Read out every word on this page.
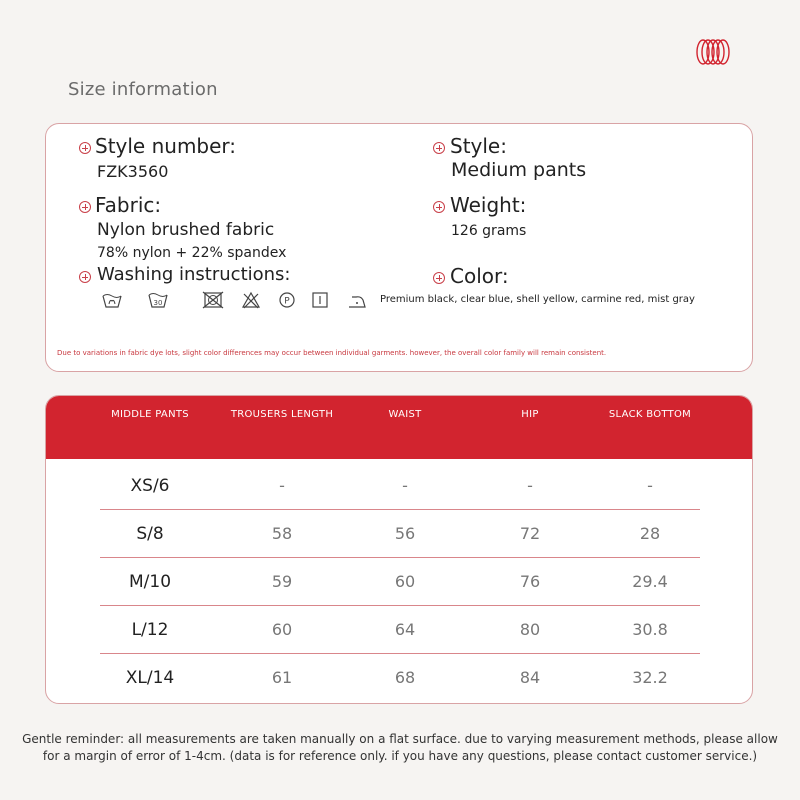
Size information
Style number:
FZK3560
Style:
Medium pants
Fabric:
Nylon brushed fabric
78% nylon + 22% spandex
Weight:
126 grams
Washing instructions:	Color:
Premium black, clear blue, shell yellow, carmine red, mist gray
30	P
Due to variations in fabric dye lots, slight color differences may occur between individual garments. however, the overall color family will remain consistent.
MIDDLE PANTS	TROUSERS LENGTH	WAIST	HIP	SLACK BOTTOM
XS/6	-	-	-	-
S/8	58	56	72	28
M/10	59	60	76	29.4
L/12	60	64	80	30.8
XL/14	61	68	84	32.2
Gentle reminder: all measurements are taken manually on a flat surface. due to varying measurement methods, please allow
for a margin of error of 1-4cm. (data is for reference only. if you have any questions, please contact customer service.)
